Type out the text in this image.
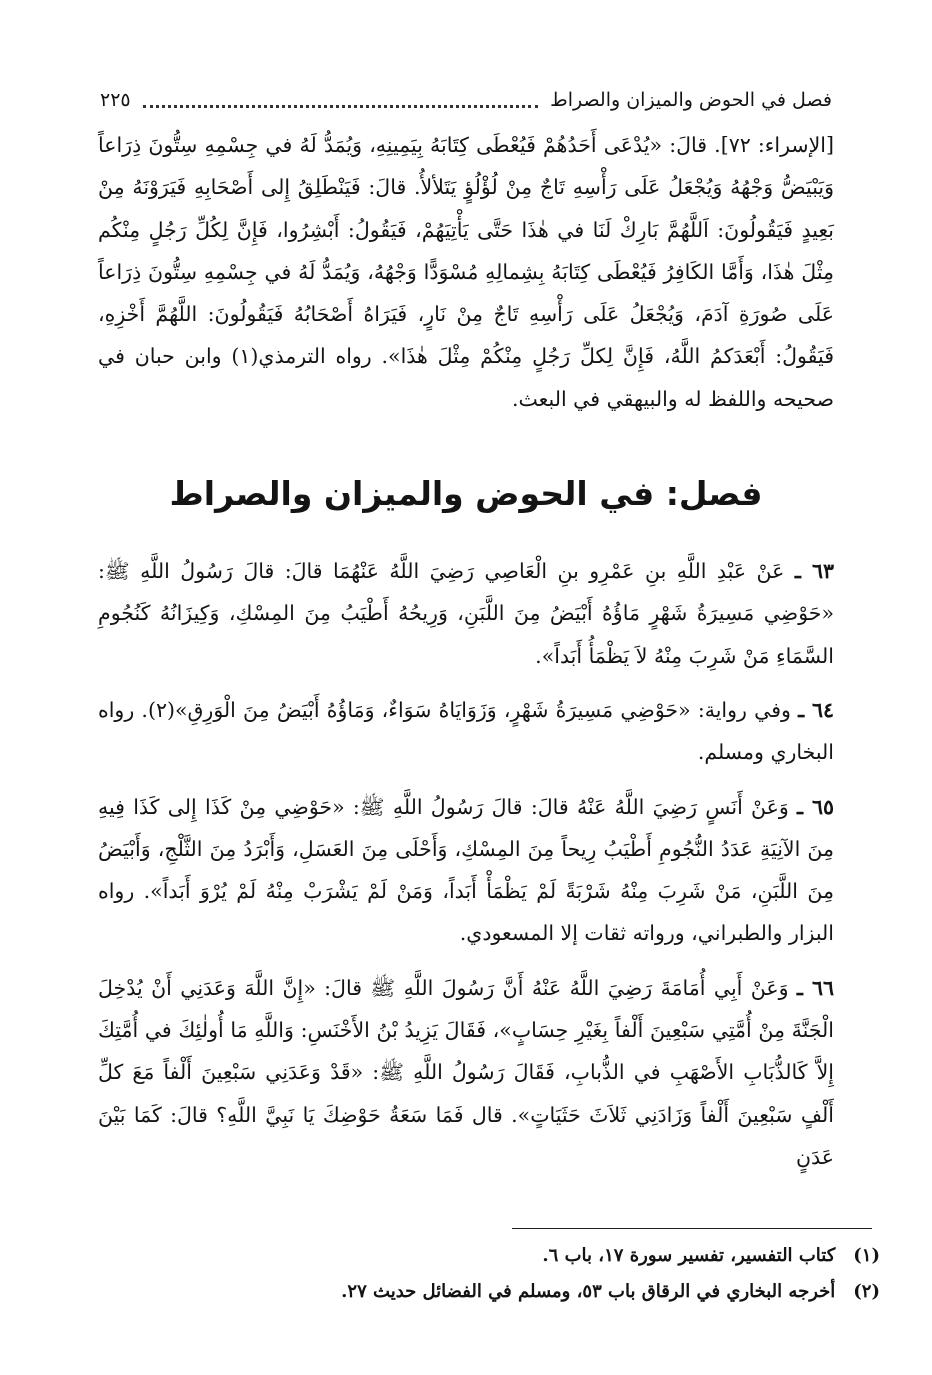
فصل في الحوض والميزان والصراط
٢٢٥

[الإسراء: ٧٢]. قالَ: «يُدْعَى أَحَدُهُمْ فَيُعْطَى كِتَابَهُ بِيَمِينِهِ، وَيُمَدُّ لَهُ في جِسْمِهِ سِتُّونَ ذِرَاعاً وَيَبْيَضُّ وَجْهُهُ وَيُجْعَلُ عَلَى رَأْسِهِ تَاجٌ مِنْ لُؤْلُؤٍ يَتَلألأُ. قالَ: فَيَنْطَلِقُ إِلى أَصْحَابِهِ فَيَرَوْنَهُ مِنْ بَعِيدٍ فَيَقُولُونَ: اَللَّهُمَّ بَارِكْ لَنَا في هٰذَا حَتَّى يَأْتِيَهُمْ، فَيَقُولُ: أَبْشِرُوا، فَإِنَّ لِكُلِّ رَجُلٍ مِنْكُم مِثْلَ هٰذَا، وَأَمَّا الكَافِرُ فَيُعْطَى كِتَابَهُ بِشِمالِهِ مُسْوَدًّا وَجْهُهُ، وَيُمَدُّ لَهُ في جِسْمِهِ سِتُّونَ ذِرَاعاً عَلَى صُورَةِ آدَمَ، وَيُجْعَلُ عَلَى رَأْسِهِ تَاجٌ مِنْ نَارٍ، فَيَرَاهُ أَصْحَابُهُ فَيَقُولُونَ: اللَّهُمَّ أَخْزِهِ، فَيَقُولُ: أَبْعَدَكمُ اللَّهُ، فَإِنَّ لِكلِّ رَجُلٍ مِنْكُمْ مِثْلَ هٰذَا». رواه الترمذي(١) وابن حبان في صحيحه واللفظ له والبيهقي في البعث.

فصل: في الحوض والميزان والصراط

٦٣ ـ عَنْ عَبْدِ اللَّهِ بنِ عَمْرِو بنِ الْعَاصِي رَضِيَ اللَّهُ عَنْهُمَا قالَ: قالَ رَسُولُ اللَّهِ ﷺ: «حَوْضِي مَسِيرَةُ شَهْرٍ مَاؤُهُ أَبْيَضُ مِنَ اللَّبَنِ، وَرِيحُهُ أَطْيَبُ مِنَ المِسْكِ، وَكِيزَانُهُ كَنُجُومِ السَّمَاءِ مَنْ شَرِبَ مِنْهُ لاَ يَظْمَأُ أَبَداً».

٦٤ ـ وفي رواية: «حَوْضِي مَسِيرَةُ شَهْرٍ، وَزَوَايَاهُ سَوَاءٌ، وَمَاؤُهُ أَبْيَضُ مِنَ الْوَرِقِ»(٢). رواه البخاري ومسلم.

٦٥ ـ وَعَنْ أَنَسٍ رَضِيَ اللَّهُ عَنْهُ قالَ: قالَ رَسُولُ اللَّهِ ﷺ: «حَوْضِي مِنْ كَذَا إِلى كَذَا فِيهِ مِنَ الآنِيَةِ عَدَدُ النُّجُومِ أَطْيَبُ رِيحاً مِنَ المِسْكِ، وَأَحْلَى مِنَ العَسَلِ، وَأَبْرَدُ مِنَ الثَّلْجِ، وَأَبْيَضُ مِنَ اللَّبَنِ، مَنْ شَرِبَ مِنْهُ شَرْبَةً لَمْ يَظْمَأْ أَبَداً، وَمَنْ لَمْ يَشْرَبْ مِنْهُ لَمْ يُرْوَ أَبَداً». رواه البزار والطبراني، ورواته ثقات إلا المسعودي.

٦٦ ـ وَعَنْ أَبِي أُمَامَةَ رَضِيَ اللَّهُ عَنْهُ أَنَّ رَسُولَ اللَّهِ ﷺ قالَ: «إِنَّ اللَّهَ وَعَدَنِي أَنْ يُدْخِلَ الْجَنَّةَ مِنْ أُمَّتِي سَبْعِينَ أَلْفاً بِغَيْرِ حِسَابٍ»، فَقَالَ يَزِيدُ بْنُ الأَخْنَسِ: وَاللَّهِ مَا أُولٰئِكَ في أُمَّتِكَ إِلاَّ كَالذُّبَابِ الأَصْهَبِ في الذُّبابِ، فَقَالَ رَسُولُ اللَّهِ ﷺ: «قَدْ وَعَدَنِي سَبْعِينَ أَلْفاً مَعَ كلِّ أَلْفٍ سَبْعِينَ أَلْفاً وَزَادَنِي ثَلاَثَ حَثَيَاتٍ». قال فَمَا سَعَةُ حَوْضِكَ يَا نَبِيَّ اللَّهِ؟ قالَ: كَمَا بَيْنَ عَدَنٍ

(١)
كتاب التفسير، تفسير سورة ١٧، باب ٦.
(٢)
أخرجه البخاري في الرقاق باب ٥٣، ومسلم في الفضائل حديث ٢٧.
